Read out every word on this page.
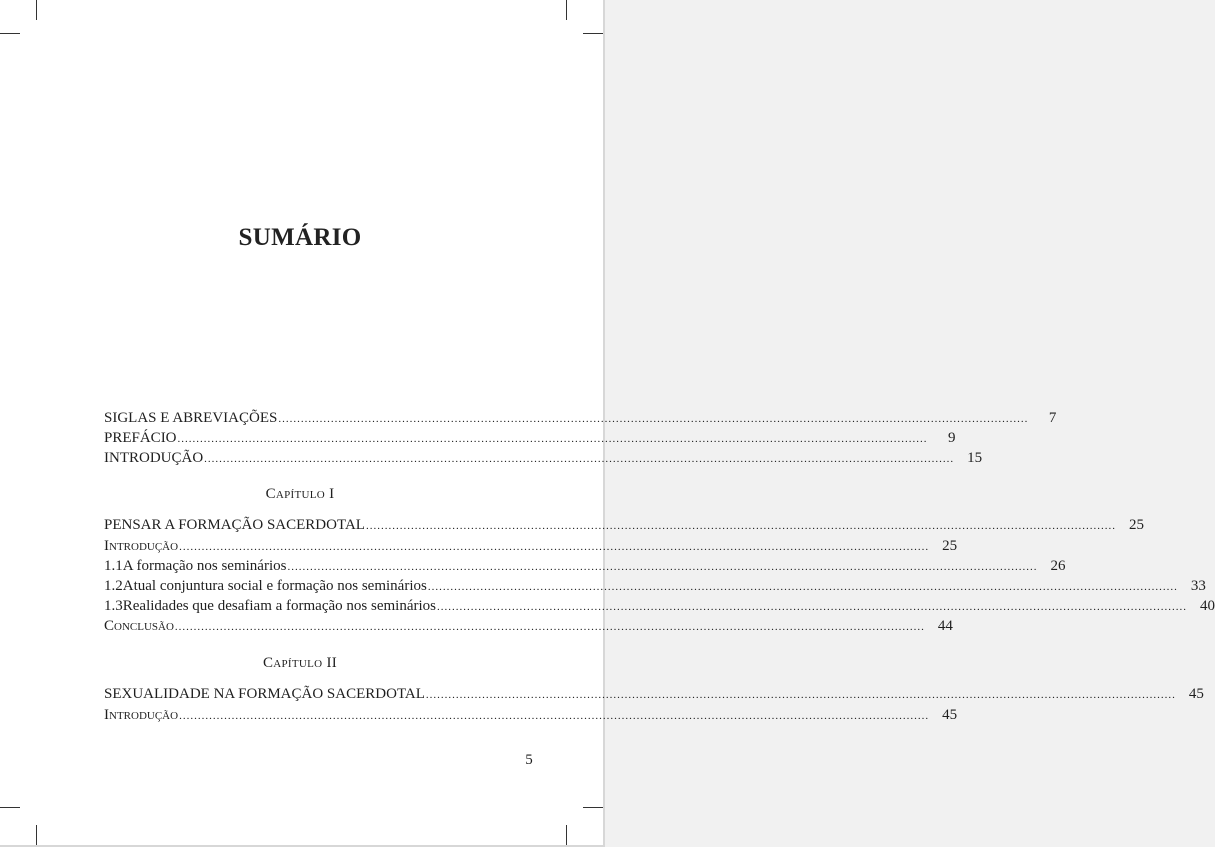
SUMÁRIO
SIGLAS E ABREVIAÇÕES ........................................................................................................................................................................................................	7
PREFÁCIO ........................................................................................................................................................................................................	9
INTRODUÇÃO ........................................................................................................................................................................................................ 15
Capítulo I
PENSAR A FORMAÇÃO SACERDOTAL ........................................................................................................................................................................................................ 25
Introdução ........................................................................................................................................................................................................ 25
1.1 A formação nos seminários ........................................................................................................................................................................................................ 26
1.2 Atual conjuntura social e formação nos seminários ........................................................................................................................................................................................................ 33
1.3 Realidades que desafiam a formação nos seminários ........................................................................................................................................................................................................ 40
Conclusão ........................................................................................................................................................................................................ 44
Capítulo II
SEXUALIDADE NA FORMAÇÃO SACERDOTAL ........................................................................................................................................................................................................ 45
Introdução ........................................................................................................................................................................................................ 45
5
